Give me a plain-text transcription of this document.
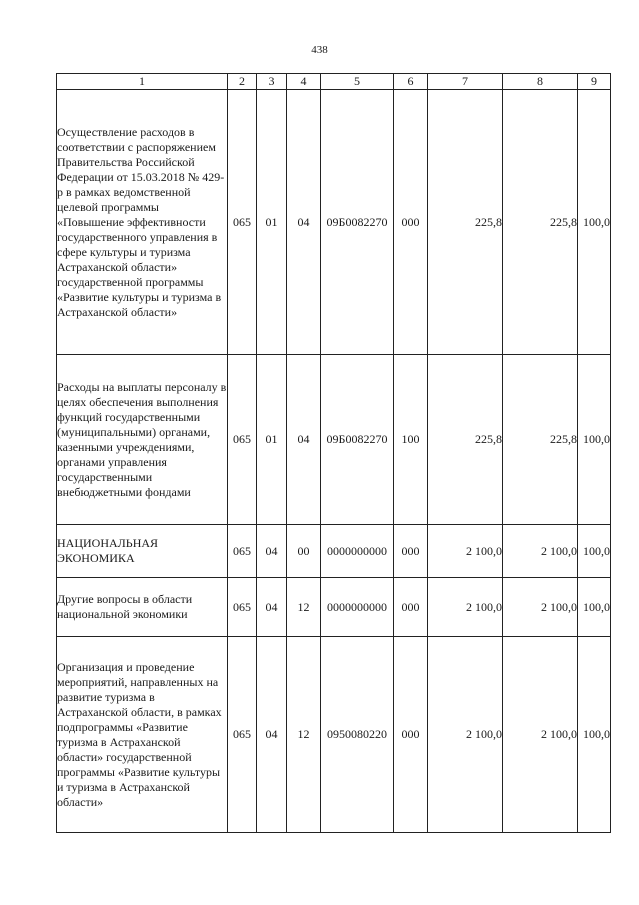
438
1	2	3	4	5	6	7	8	9
Осуществление расходов в соответствии с распоряжением Правительства Российской Федерации от 15.03.2018 № 429-р в рамках ведомственной целевой программы «Повышение эффективности государственного управления в сфере культуры и туризма Астраханской области» государственной программы «Развитие культуры и туризма в Астраханской области»	065	01	04	09Б0082270	000	225,8	225,8	100,0
Расходы на выплаты персоналу в целях обеспечения выполнения функций государственными (муниципальными) органами, казенными учреждениями, органами управления государственными внебюджетными фондами	065	01	04	09Б0082270	100	225,8	225,8	100,0
НАЦИОНАЛЬНАЯ ЭКОНОМИКА	065	04	00	0000000000	000	2 100,0	2 100,0	100,0
Другие вопросы в области национальной экономики	065	04	12	0000000000	000	2 100,0	2 100,0	100,0
Организация и проведение мероприятий, направленных на развитие туризма в Астраханской области, в рамках подпрограммы «Развитие туризма в Астраханской области» государственной программы «Развитие культуры и туризма в Астраханской области»	065	04	12	0950080220	000	2 100,0	2 100,0	100,0
